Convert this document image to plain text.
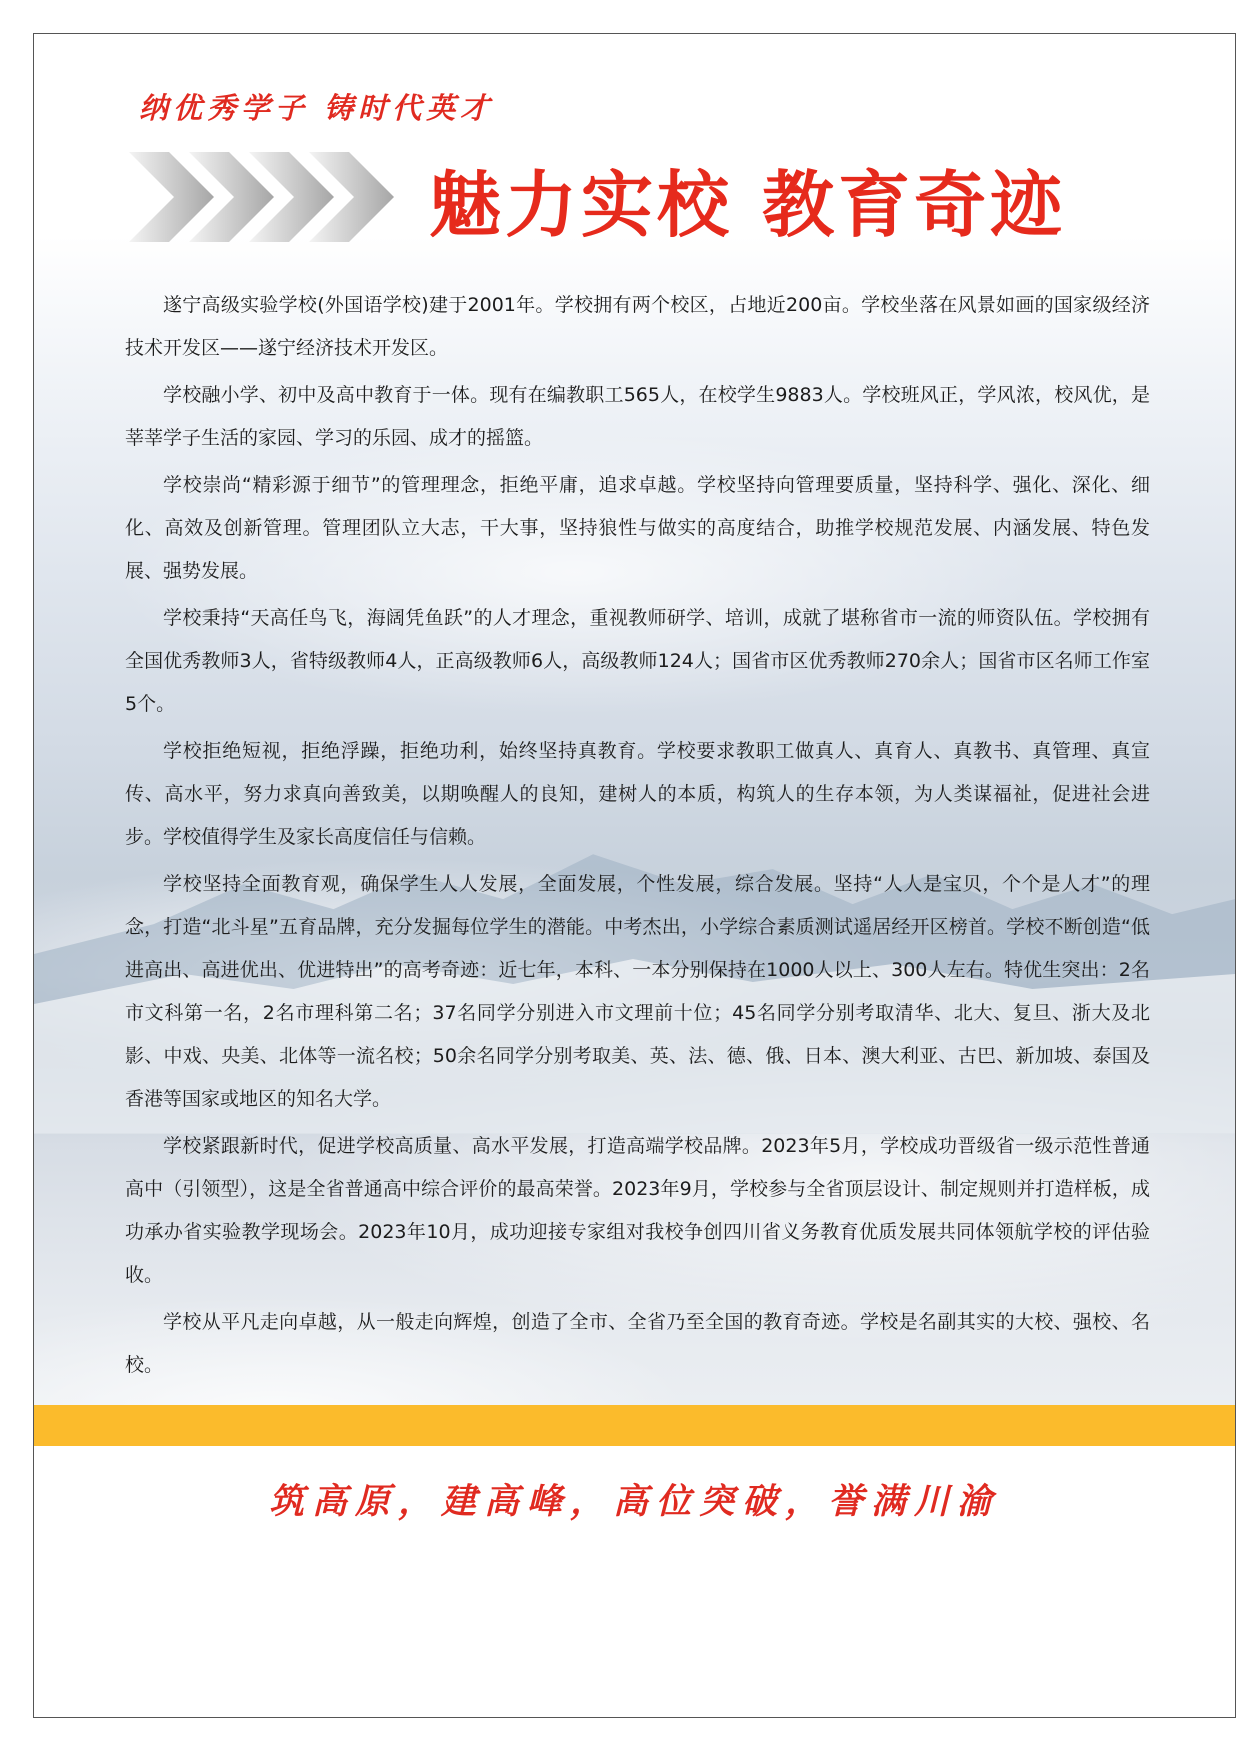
纳优秀学子 铸时代英才
魅力实校 教育奇迹

遂宁高级实验学校(外国语学校)建于2001年。学校拥有两个校区，占地近200亩。学校坐落在风景如画的国家级经济技术开发区——遂宁经济技术开发区。

学校融小学、初中及高中教育于一体。现有在编教职工565人，在校学生9883人。学校班风正，学风浓，校风优，是莘莘学子生活的家园、学习的乐园、成才的摇篮。

学校崇尚“精彩源于细节”的管理理念，拒绝平庸，追求卓越。学校坚持向管理要质量，坚持科学、强化、深化、细化、高效及创新管理。管理团队立大志，干大事，坚持狼性与做实的高度结合，助推学校规范发展、内涵发展、特色发展、强势发展。

学校秉持“天高任鸟飞，海阔凭鱼跃”的人才理念，重视教师研学、培训，成就了堪称省市一流的师资队伍。学校拥有全国优秀教师3人，省特级教师4人，正高级教师6人，高级教师124人；国省市区优秀教师270余人；国省市区名师工作室5个。

学校拒绝短视，拒绝浮躁，拒绝功利，始终坚持真教育。学校要求教职工做真人、真育人、真教书、真管理、真宣传、高水平，努力求真向善致美，以期唤醒人的良知，建树人的本质，构筑人的生存本领，为人类谋福祉，促进社会进步。学校值得学生及家长高度信任与信赖。

学校坚持全面教育观，确保学生人人发展，全面发展，个性发展，综合发展。坚持“人人是宝贝，个个是人才”的理念，打造“北斗星”五育品牌，充分发掘每位学生的潜能。中考杰出，小学综合素质测试遥居经开区榜首。学校不断创造“低进高出、高进优出、优进特出”的高考奇迹：近七年，本科、一本分别保持在1000人以上、300人左右。特优生突出：2名市文科第一名，2名市理科第二名；37名同学分别进入市文理前十位；45名同学分别考取清华、北大、复旦、浙大及北影、中戏、央美、北体等一流名校；50余名同学分别考取美、英、法、德、俄、日本、澳大利亚、古巴、新加坡、泰国及香港等国家或地区的知名大学。

学校紧跟新时代，促进学校高质量、高水平发展，打造高端学校品牌。2023年5月，学校成功晋级省一级示范性普通高中（引领型），这是全省普通高中综合评价的最高荣誉。2023年9月，学校参与全省顶层设计、制定规则并打造样板，成功承办省实验教学现场会。2023年10月，成功迎接专家组对我校争创四川省义务教育优质发展共同体领航学校的评估验收。

学校从平凡走向卓越，从一般走向辉煌，创造了全市、全省乃至全国的教育奇迹。学校是名副其实的大校、强校、名校。

筑高原，建高峰，高位突破，誉满川渝
